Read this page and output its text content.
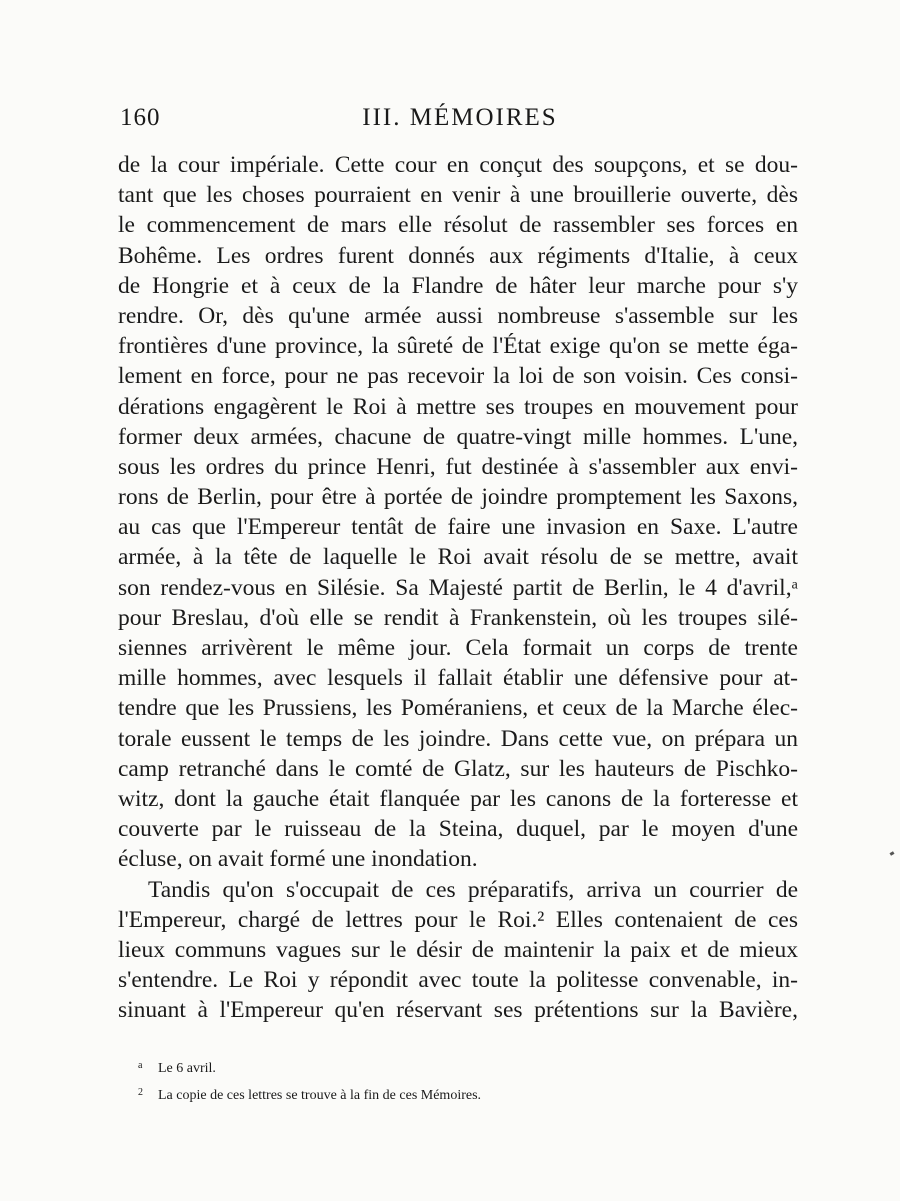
160	III. MÉMOIRES
de la cour impériale. Cette cour en conçut des soupçons, et se dou-
tant que les choses pourraient en venir à une brouillerie ouverte, dès
le commencement de mars elle résolut de rassembler ses forces en
Bohême. Les ordres furent donnés aux régiments d'Italie, à ceux
de Hongrie et à ceux de la Flandre de hâter leur marche pour s'y
rendre. Or, dès qu'une armée aussi nombreuse s'assemble sur les
frontières d'une province, la sûreté de l'État exige qu'on se mette éga-
lement en force, pour ne pas recevoir la loi de son voisin. Ces consi-
dérations engagèrent le Roi à mettre ses troupes en mouvement pour
former deux armées, chacune de quatre-vingt mille hommes. L'une,
sous les ordres du prince Henri, fut destinée à s'assembler aux envi-
rons de Berlin, pour être à portée de joindre promptement les Saxons,
au cas que l'Empereur tentât de faire une invasion en Saxe. L'autre
armée, à la tête de laquelle le Roi avait résolu de se mettre, avait
son rendez-vous en Silésie. Sa Majesté partit de Berlin, le 4 d'avril,ᵃ
pour Breslau, d'où elle se rendit à Frankenstein, où les troupes silé-
siennes arrivèrent le même jour. Cela formait un corps de trente
mille hommes, avec lesquels il fallait établir une défensive pour at-
tendre que les Prussiens, les Poméraniens, et ceux de la Marche élec-
torale eussent le temps de les joindre. Dans cette vue, on prépara un
camp retranché dans le comté de Glatz, sur les hauteurs de Pischko-
witz, dont la gauche était flanquée par les canons de la forteresse et
couverte par le ruisseau de la Steina, duquel, par le moyen d'une
écluse, on avait formé une inondation.
Tandis qu'on s'occupait de ces préparatifs, arriva un courrier de
l'Empereur, chargé de lettres pour le Roi.² Elles contenaient de ces
lieux communs vagues sur le désir de maintenir la paix et de mieux
s'entendre. Le Roi y répondit avec toute la politesse convenable, in-
sinuant à l'Empereur qu'en réservant ses prétentions sur la Bavière,
a Le 6 avril.
2 La copie de ces lettres se trouve à la fin de ces Mémoires.
